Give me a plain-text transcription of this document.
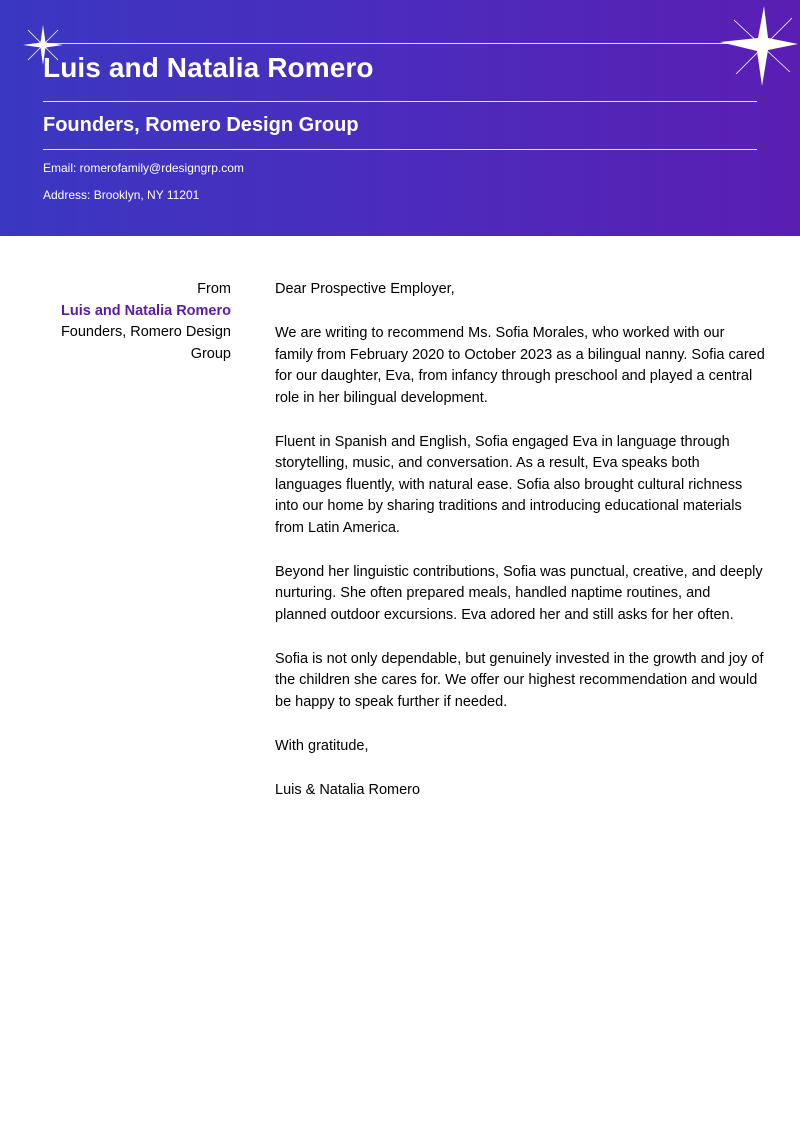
Luis and Natalia Romero
Founders, Romero Design Group
Email: romerofamily@rdesigngrp.com
Address: Brooklyn, NY 11201
From
Luis and Natalia Romero
Founders, Romero Design Group

Dear Prospective Employer,

We are writing to recommend Ms. Sofia Morales, who worked with our family from February 2020 to October 2023 as a bilingual nanny. Sofia cared for our daughter, Eva, from infancy through preschool and played a central role in her bilingual development.

Fluent in Spanish and English, Sofia engaged Eva in language through storytelling, music, and conversation. As a result, Eva speaks both languages fluently, with natural ease. Sofia also brought cultural richness into our home by sharing traditions and introducing educational materials from Latin America.

Beyond her linguistic contributions, Sofia was punctual, creative, and deeply nurturing. She often prepared meals, handled naptime routines, and planned outdoor excursions. Eva adored her and still asks for her often.

Sofia is not only dependable, but genuinely invested in the growth and joy of the children she cares for. We offer our highest recommendation and would be happy to speak further if needed.

With gratitude,

Luis & Natalia Romero
